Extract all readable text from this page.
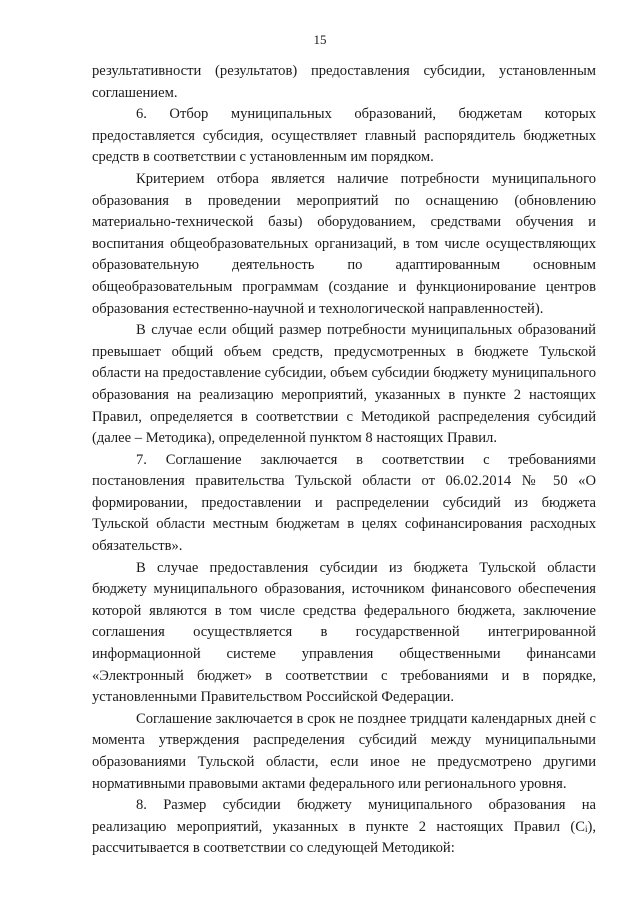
15

результативности (результатов) предоставления субсидии, установленным соглашением.

6. Отбор муниципальных образований, бюджетам которых предоставляется субсидия, осуществляет главный распорядитель бюджетных средств в соответствии с установленным им порядком.

Критерием отбора является наличие потребности муниципального образования в проведении мероприятий по оснащению (обновлению материально-технической базы) оборудованием, средствами обучения и воспитания общеобразовательных организаций, в том числе осуществляющих образовательную деятельность по адаптированным основным общеобразовательным программам (создание и функционирование центров образования естественно-научной и технологической направленностей).

В случае если общий размер потребности муниципальных образований превышает общий объем средств, предусмотренных в бюджете Тульской области на предоставление субсидии, объем субсидии бюджету муниципального образования на реализацию мероприятий, указанных в пункте 2 настоящих Правил, определяется в соответствии с Методикой распределения субсидий (далее – Методика), определенной пунктом 8 настоящих Правил.

7. Соглашение заключается в соответствии с требованиями постановления правительства Тульской области от 06.02.2014 № 50 «О формировании, предоставлении и распределении субсидий из бюджета Тульской области местным бюджетам в целях софинансирования расходных обязательств».

В случае предоставления субсидии из бюджета Тульской области бюджету муниципального образования, источником финансового обеспечения которой являются в том числе средства федерального бюджета, заключение соглашения осуществляется в государственной интегрированной информационной системе управления общественными финансами «Электронный бюджет» в соответствии с требованиями и в порядке, установленными Правительством Российской Федерации.

Соглашение заключается в срок не позднее тридцати календарных дней с момента утверждения распределения субсидий между муниципальными образованиями Тульской области, если иное не предусмотрено другими нормативными правовыми актами федерального или регионального уровня.

8. Размер субсидии бюджету муниципального образования на реализацию мероприятий, указанных в пункте 2 настоящих Правил $(C_i)$, рассчитывается в соответствии со следующей Методикой:
